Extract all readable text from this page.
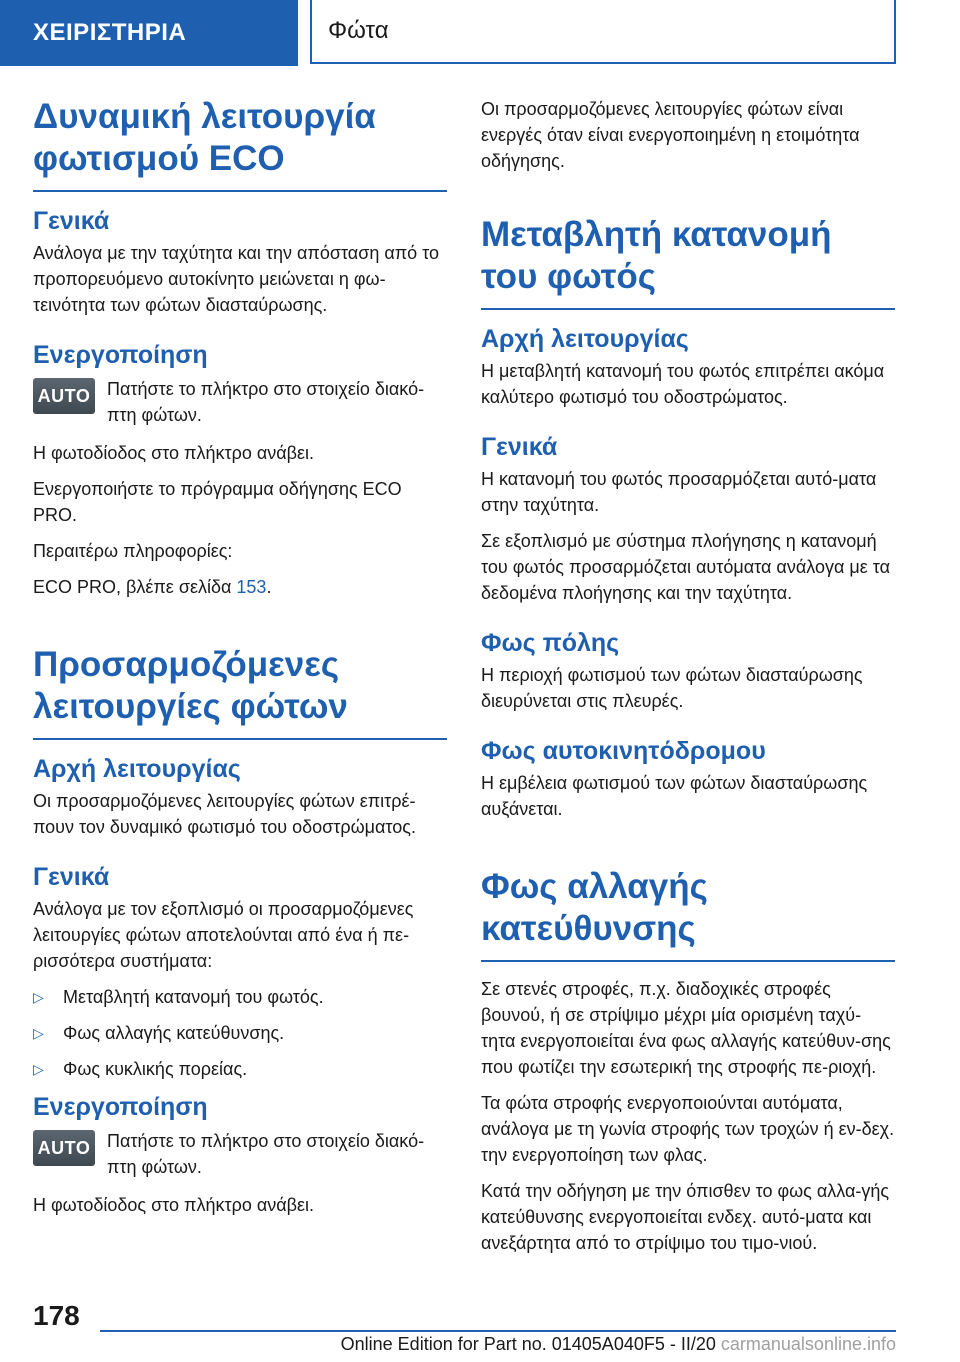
ΧΕΙΡΙΣΤΗΡΙΑ	Φώτα
Δυναμική λειτουργία φωτισμού ECO
Γενικά

Ανάλογα με την ταχύτητα και την απόσταση από το προπορευόμενο αυτοκίνητο μειώνεται η φω-τεινότητα των φώτων διασταύρωσης.

Ενεργοποίηση
AUTO Πατήστε το πλήκτρο στο στοιχείο διακό-πτη φώτων.

Η φωτοδίοδος στο πλήκτρο ανάβει.

Ενεργοποιήστε το πρόγραμμα οδήγησης ECO PRO.

Περαιτέρω πληροφορίες:

ECO PRO, βλέπε σελίδα 153.

Προσαρμοζόμενες λειτουργίες φώτων
Αρχή λειτουργίας

Οι προσαρμοζόμενες λειτουργίες φώτων επιτρέ-πουν τον δυναμικό φωτισμό του οδοστρώματος.

Γενικά

Ανάλογα με τον εξοπλισμό οι προσαρμοζόμενες λειτουργίες φώτων αποτελούνται από ένα ή πε-ρισσότερα συστήματα:

▷	Μεταβλητή κατανομή του φωτός.
▷	Φως αλλαγής κατεύθυνσης.
▷	Φως κυκλικής πορείας.
Ενεργοποίηση
AUTO Πατήστε το πλήκτρο στο στοιχείο διακό-πτη φώτων.

Η φωτοδίοδος στο πλήκτρο ανάβει.

Οι προσαρμοζόμενες λειτουργίες φώτων είναι ενεργές όταν είναι ενεργοποιημένη η ετοιμότητα οδήγησης.

Μεταβλητή κατανομή του φωτός
Αρχή λειτουργίας

Η μεταβλητή κατανομή του φωτός επιτρέπει ακόμα καλύτερο φωτισμό του οδοστρώματος.

Γενικά

Η κατανομή του φωτός προσαρμόζεται αυτό-ματα στην ταχύτητα.

Σε εξοπλισμό με σύστημα πλοήγησης η κατανομή του φωτός προσαρμόζεται αυτόματα ανάλογα με τα δεδομένα πλοήγησης και την ταχύτητα.

Φως πόλης

Η περιοχή φωτισμού των φώτων διασταύρωσης διευρύνεται στις πλευρές.

Φως αυτοκινητόδρομου

Η εμβέλεια φωτισμού των φώτων διασταύρωσης αυξάνεται.

Φως αλλαγής κατεύθυνσης

Σε στενές στροφές, π.χ. διαδοχικές στροφές βουνού, ή σε στρίψιμο μέχρι μία ορισμένη ταχύ-τητα ενεργοποιείται ένα φως αλλαγής κατεύθυν-σης που φωτίζει την εσωτερική της στροφής πε-ριοχή.

Τα φώτα στροφής ενεργοποιούνται αυτόματα, ανάλογα με τη γωνία στροφής των τροχών ή εν-δεχ. την ενεργοποίηση των φλας.

Κατά την οδήγηση με την όπισθεν το φως αλλα-γής κατεύθυνσης ενεργοποιείται ενδεχ. αυτό-ματα και ανεξάρτητα από το στρίψιμο του τιμο-νιού.

178
Online Edition for Part no. 01405A040F5 - II/20 carmanualsonline.info
